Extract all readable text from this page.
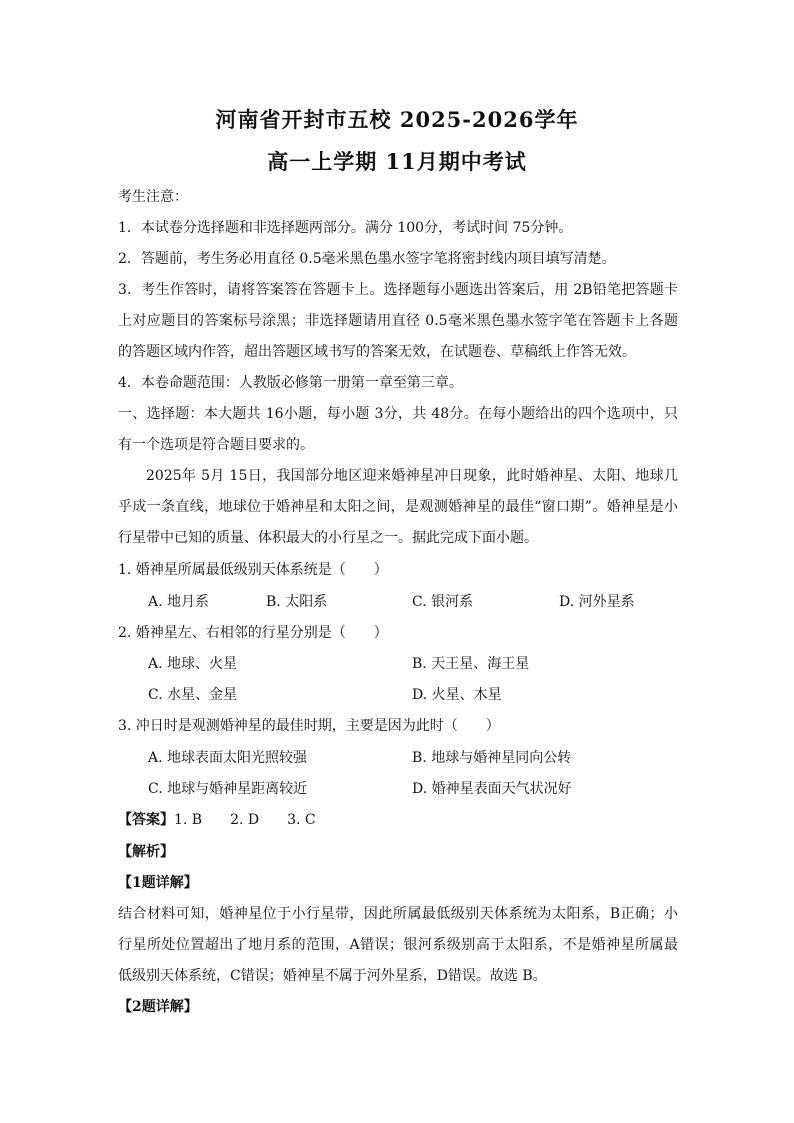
河南省开封市五校 2025-2026学年
高一上学期 11月期中考试
考生注意：
1．本试卷分选择题和非选择题两部分。满分 100分，考试时间 75分钟。
2．答题前，考生务必用直径 0.5毫米黑色墨水签字笔将密封线内项目填写清楚。
3．考生作答时，请将答案答在答题卡上。选择题每小题选出答案后，用 2B铅笔把答题卡
上对应题目的答案标号涂黑；非选择题请用直径 0.5毫米黑色墨水签字笔在答题卡上各题
的答题区域内作答，超出答题区域书写的答案无效，在试题卷、草稿纸上作答无效。
4．本卷命题范围：人教版必修第一册第一章至第三章。
一、选择题：本大题共 16小题，每小题 3分，共 48分。在每小题给出的四个选项中，只
有一个选项是符合题目要求的。
2025年 5月 15日，我国部分地区迎来婚神星冲日现象，此时婚神星、太阳、地球几
乎成一条直线，地球位于婚神星和太阳之间，是观测婚神星的最佳“窗口期”。婚神星是小
行星带中已知的质量、体积最大的小行星之一。据此完成下面小题。
1. 婚神星所属最低级别天体系统是（　　）
A. 地月系	B. 太阳系	C. 银河系	D. 河外星系
2. 婚神星左、右相邻的行星分别是（　　）
A. 地球、火星	B. 天王星、海王星
C. 水星、金星	D. 火星、木星
3. 冲日时是观测婚神星的最佳时期，主要是因为此时（　　）
A. 地球表面太阳光照较强	B. 地球与婚神星同向公转
C. 地球与婚神星距离较近	D. 婚神星表面天气状况好
【答案】1. B　　2. D　　3. C
【解析】
【1题详解】
结合材料可知，婚神星位于小行星带，因此所属最低级别天体系统为太阳系，B正确；小
行星所处位置超出了地月系的范围，A错误；银河系级别高于太阳系，不是婚神星所属最
低级别天体系统，C错误；婚神星不属于河外星系，D错误。故选 B。
【2题详解】
